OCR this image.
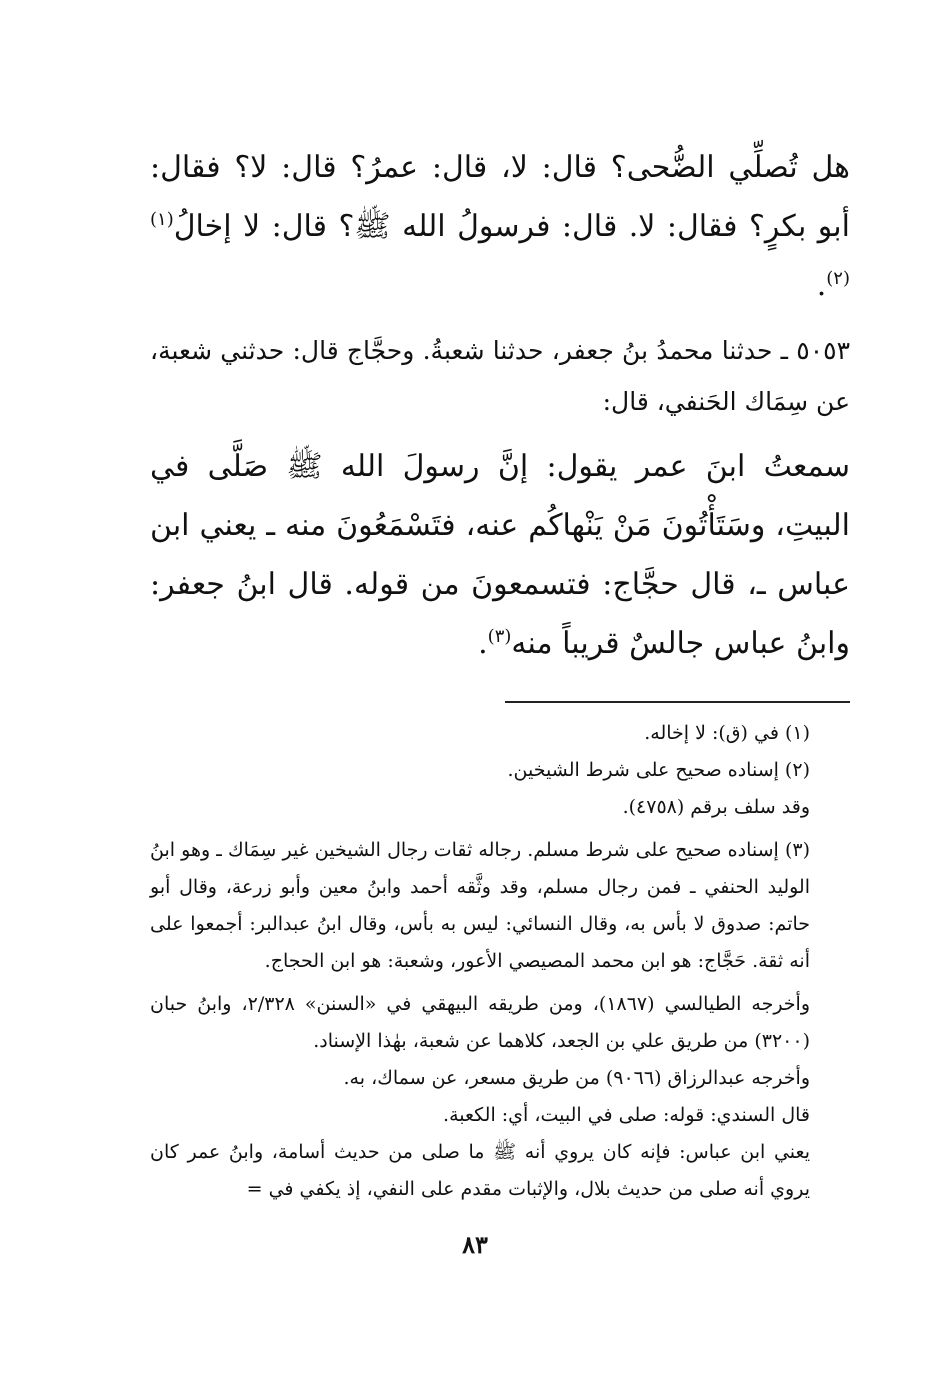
هل تُصلِّي الضُّحى؟ قال: لا، قال: عمرُ؟ قال: لا؟ فقال: أبو بكرٍ؟ فقال: لا. قال: فرسولُ الله ﷺ؟ قال: لا إخالُ$^{(١)(٢)}$.

٥٠٥٣ ـ حدثنا محمدُ بنُ جعفر، حدثنا شعبةُ. وحجَّاج قال: حدثني شعبة، عن سِمَاك الحَنفي، قال:

سمعتُ ابنَ عمر يقول: إنَّ رسولَ الله ﷺ صَلَّى في البيتِ، وسَتَأْتُونَ مَنْ يَنْهاكُم عنه، فتَسْمَعُونَ منه ـ يعني ابن عباس ـ، قال حجَّاج: فتسمعونَ من قوله. قال ابنُ جعفر: وابنُ عباس جالسٌ قريباً منه$^{(٣)}$.

(١) في (ق): لا إخاله.

(٢) إسناده صحيح على شرط الشيخين.

وقد سلف برقم (٤٧٥٨).

(٣) إسناده صحيح على شرط مسلم. رجاله ثقات رجال الشيخين غير سِمَاك ـ وهو ابنُ الوليد الحنفي ـ فمن رجال مسلم، وقد وثَّقه أحمد وابنُ معين وأبو زرعة، وقال أبو حاتم: صدوق لا بأس به، وقال النسائي: ليس به بأس، وقال ابنُ عبدالبر: أجمعوا على أنه ثقة. حَجَّاج: هو ابن محمد المصيصي الأعور، وشعبة: هو ابن الحجاج.

وأخرجه الطيالسي (١٨٦٧)، ومن طريقه البيهقي في «السنن» ٢/٣٢٨، وابنُ حبان (٣٢٠٠) من طريق علي بن الجعد، كلاهما عن شعبة، بهٰذا الإسناد.

وأخرجه عبدالرزاق (٩٠٦٦) من طريق مسعر، عن سماك، به.

قال السندي: قوله: صلى في البيت، أي: الكعبة.

يعني ابن عباس: فإنه كان يروي أنه ﷺ ما صلى من حديث أسامة، وابنُ عمر كان يروي أنه صلى من حديث بلال، والإثبات مقدم على النفي، إذ يكفي في =

٨٣
